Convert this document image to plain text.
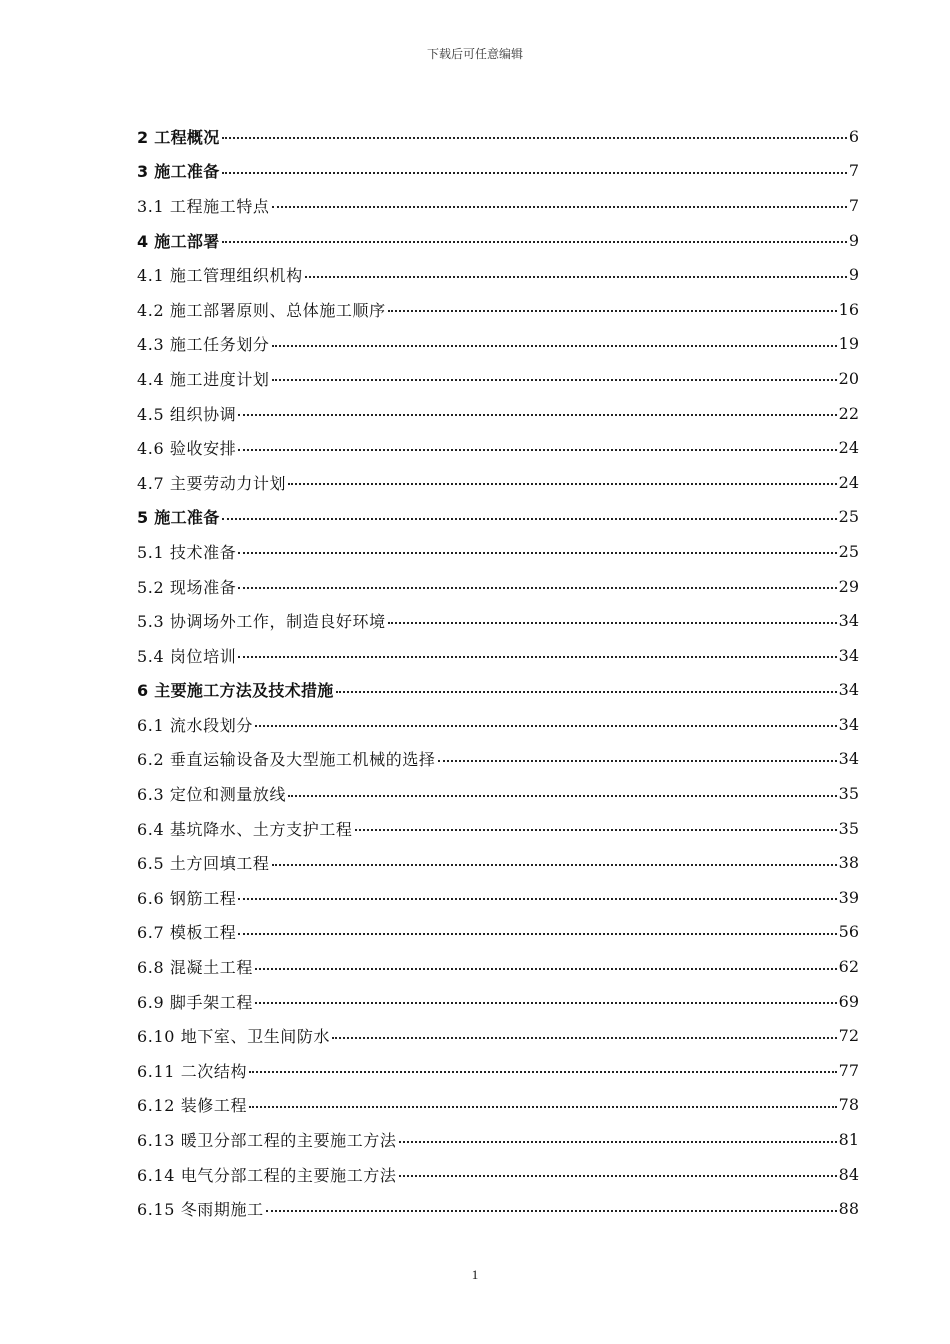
下载后可任意编辑
2 工程概况	6
3 施工准备	7
3.1 工程施工特点	7
4 施工部署	9
4.1 施工管理组织机构	9
4.2 施工部署原则、总体施工顺序	16
4.3 施工任务划分	19
4.4 施工进度计划	20
4.5 组织协调	22
4.6 验收安排	24
4.7 主要劳动力计划	24
5 施工准备	25
5.1 技术准备	25
5.2 现场准备	29
5.3 协调场外工作，制造良好环境	34
5.4 岗位培训	34
6 主要施工方法及技术措施	34
6.1 流水段划分	34
6.2 垂直运输设备及大型施工机械的选择	34
6.3 定位和测量放线	35
6.4 基坑降水、土方支护工程	35
6.5 土方回填工程	38
6.6 钢筋工程	39
6.7 模板工程	56
6.8 混凝土工程	62
6.9 脚手架工程	69
6.10 地下室、卫生间防水	72
6.11 二次结构	77
6.12 装修工程	78
6.13 暖卫分部工程的主要施工方法	81
6.14 电气分部工程的主要施工方法	84
6.15 冬雨期施工	88
1
